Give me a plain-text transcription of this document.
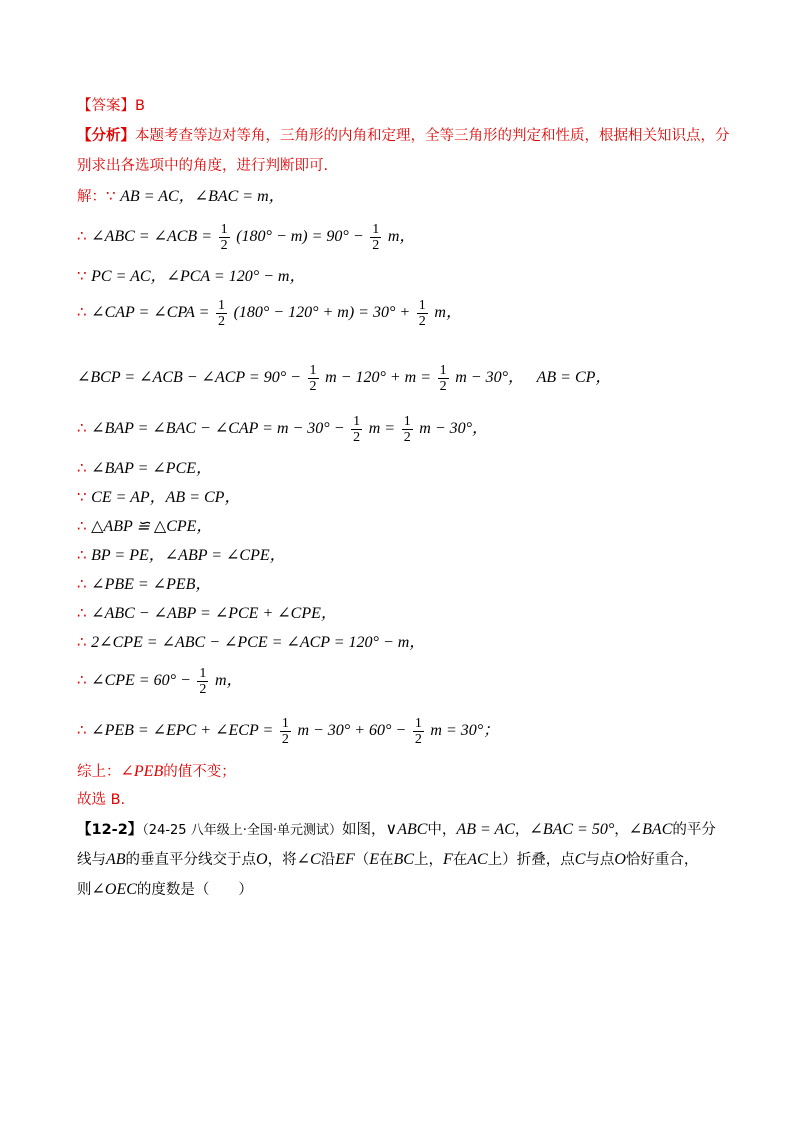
【答案】B
【分析】本题考查等边对等角，三角形的内角和定理，全等三角形的判定和性质，根据相关知识点，分
别求出各选项中的角度，进行判断即可.
解：∵ AB = AC，∠BAC = m，
∴ ∠ABC = ∠ACB = $\frac{1}{2} (180^\circ - m) = 90^\circ - \frac{1}{2}$ m，
∵ PC = AC，∠PCA = 120° − m，
∴ ∠CAP = ∠CPA = $\frac{1}{2} (180^\circ - 120^\circ + m) = 30^\circ + \frac{1}{2}$ m，
∠BCP = ∠ACB − ∠ACP = $90^\circ - \frac{1}{2}$ $m - 120^\circ + m = \frac{1}{2}$ m − 30°， AB = CP，
∴ ∠BAP = ∠BAC − ∠CAP = $m - 30^\circ - \frac{1}{2}$ $m = \frac{1}{2}$ m − 30°，
∴ ∠BAP = ∠PCE，
∵ CE = AP，AB = CP，
∴ △ABP ≌ △CPE，
∴ BP = PE，∠ABP = ∠CPE，
∴ ∠PBE = ∠PEB，
∴ ∠ABC − ∠ABP = ∠PCE + ∠CPE，
∴ 2∠CPE = ∠ABC − ∠PCE = ∠ACP = 120° − m，
∴ ∠CPE = $60^\circ - \frac{1}{2}$ m，
∴ ∠PEB = ∠EPC + ∠ECP = $\frac{1}{2}$ $m - 30^\circ + 60^\circ - \frac{1}{2}$ m = 30°；
综上：∠PEB的值不变；
故选 B.
【12-2】（24-25 八年级上·全国·单元测试）如图，∨ABC中，AB = AC，∠BAC = 50°，∠BAC的平分
线与AB的垂直平分线交于点O，将∠C沿EF（E在BC上，F在AC上）折叠，点C与点O恰好重合，
则∠OEC的度数是（　　）
